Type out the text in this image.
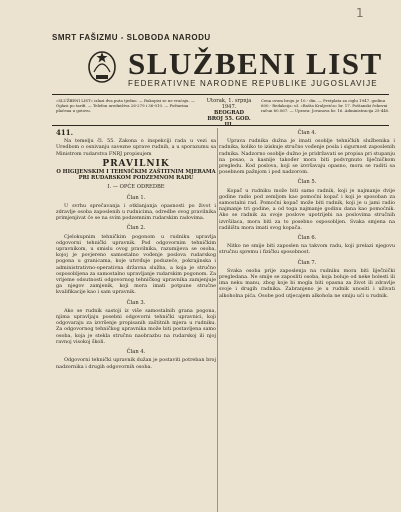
1
SMRT FAŠIZMU - SLOBODA NARODU
SLUŽBENI LIST
FEDERATIVNE NARODNE REPUBLIKE JUGOSLAVIJE
»SLUŽBENI LIST« izlazi dva puta tjedno. — Rukopisi se ne vraćaju. — Oglasi po tarifi. — Telefon uredništva 26-279 i 36-010. — Poštarina plaćena u gotovu.
Utorak, 1. srpnja 1947.
BEOGRAD
BROJ 55. GOD.
Cena ovom broju je 10.- din. — Pretplata za ciglu 1947. godinu 600.- Redakcija: ul. »Bašta Kraljevića« br. 17. Poštanski čekovni račun 60.067. — Uprava: Jovanova br. 16. Administracija 25-440.
411.

Na temelju čl. 55. Zakona o inspekciji rada u vezi sa Uredbom o osnivanju savezne uprave rudnih, a u sporazumu sa Ministrom rudarstva FNRJ propisujem

PRAVILNIK
O HIGIJENSKIM I TEHNIČKIM ZAŠTITNIM MJERAMA PRI RUDARSKOM PODZEMNOM RADU
I. — OPĆE ODREDBE
Član 1.

U svrhu sprečavanja i otklanjanja opasnosti po život i zdravlje osoba zaposlenih u rudnicima, odredbe ovog pravilnika primjenjivat će se na svim podzemnim rudarskim radovima.

Član 2.

Cjelokupnim tehničkim pogonom u rudniku upravlja odgovorni tehnički upravnik. Pod odgovornim tehničkim upravnikom, u smislu ovog pravilnika, razumijeva se osoba, kojoj je povjereno samostalno vođenje poslova rudarskog pogona u granicama, koje utvrđuje poduzeće, pokrajinska i administrativno-operativna državna služba, a koja je stručno osposobljena za samostalno upravljanje rudarskim pogonom. Za vrijeme odsutnosti odgovornog tehničkog upravnika zamjenjuje ga njegov zamjenik, koji mora imati potpune stručne kvalifikacije kao i sam upravnik.

Član 3.

Ako se rudnik sastoji iz više samostalnih grana pogona, njima upravljaju posebni odgovorni tehnički upravnici, koji odgovaraju za izvršenje propisanih zaštitnih mjera u rudniku. Za odgovornog tehničkog upravnika može biti postavljena samo osoba, koja je stekla stručnu naobrazbu na rudarskoj ili njoj ravnoj visokoj školi.

Član 4.

Odgovorni tehnički upravnik dužan je postaviti potreban broj nadzornika i drugih odgovornih osoba.

Član 4.

Uprava rudnika dužna je imati osoblje tehničkih službenika i radnika, koliko to iziskuje stručno vođenje posla i sigurnost zaposlenih radnika. Nadzorno osoblje dužno je pridržavati se propisa pri stupanju na posao, a kasnije također mora biti podvrgnuto liječničkom pregledu. Kod poslova, koji se izvršavaju opasno, mora se raditi sa posebnom pažnjom i pod nadzorom.

Član 5.

Kopač u rudniku može biti samo radnik, koji je najmanje dvije godine radio pod zemljom kao pomoćni kopač i koji je sposoban za samostalni rad. Pomoćni kopač može biti radnik, koji je u jami radio najmanje tri godine, a od toga najmanje godinu dana kao pomoćnik. Ako se radnik za svoje poslove upotrijebi na poslovima stručnih izvršilaca, mora biti za to posebno osposobljen. Svaka smjena na radilištu mora imati svog kopača.

Član 6.

Nitko ne smije biti zaposlen na takvom radu, koji prelazi njegovu stručnu spremu i fizičku sposobnost.

Član 7.

Svaka osoba prije zaposlenja na rudniku mora biti liječnički pregledana. Ne smije se zaposliti osoba, koja boluje od neke bolesti ili ima neku manu, zbog koje bi mogla biti opasna za život ili zdravlje svoje i drugih radnika. Zabranjeno je u rudnik unositi i uživati alkoholna pića. Osobe pod utjecajem alkohola ne smiju ući u rudnik.
